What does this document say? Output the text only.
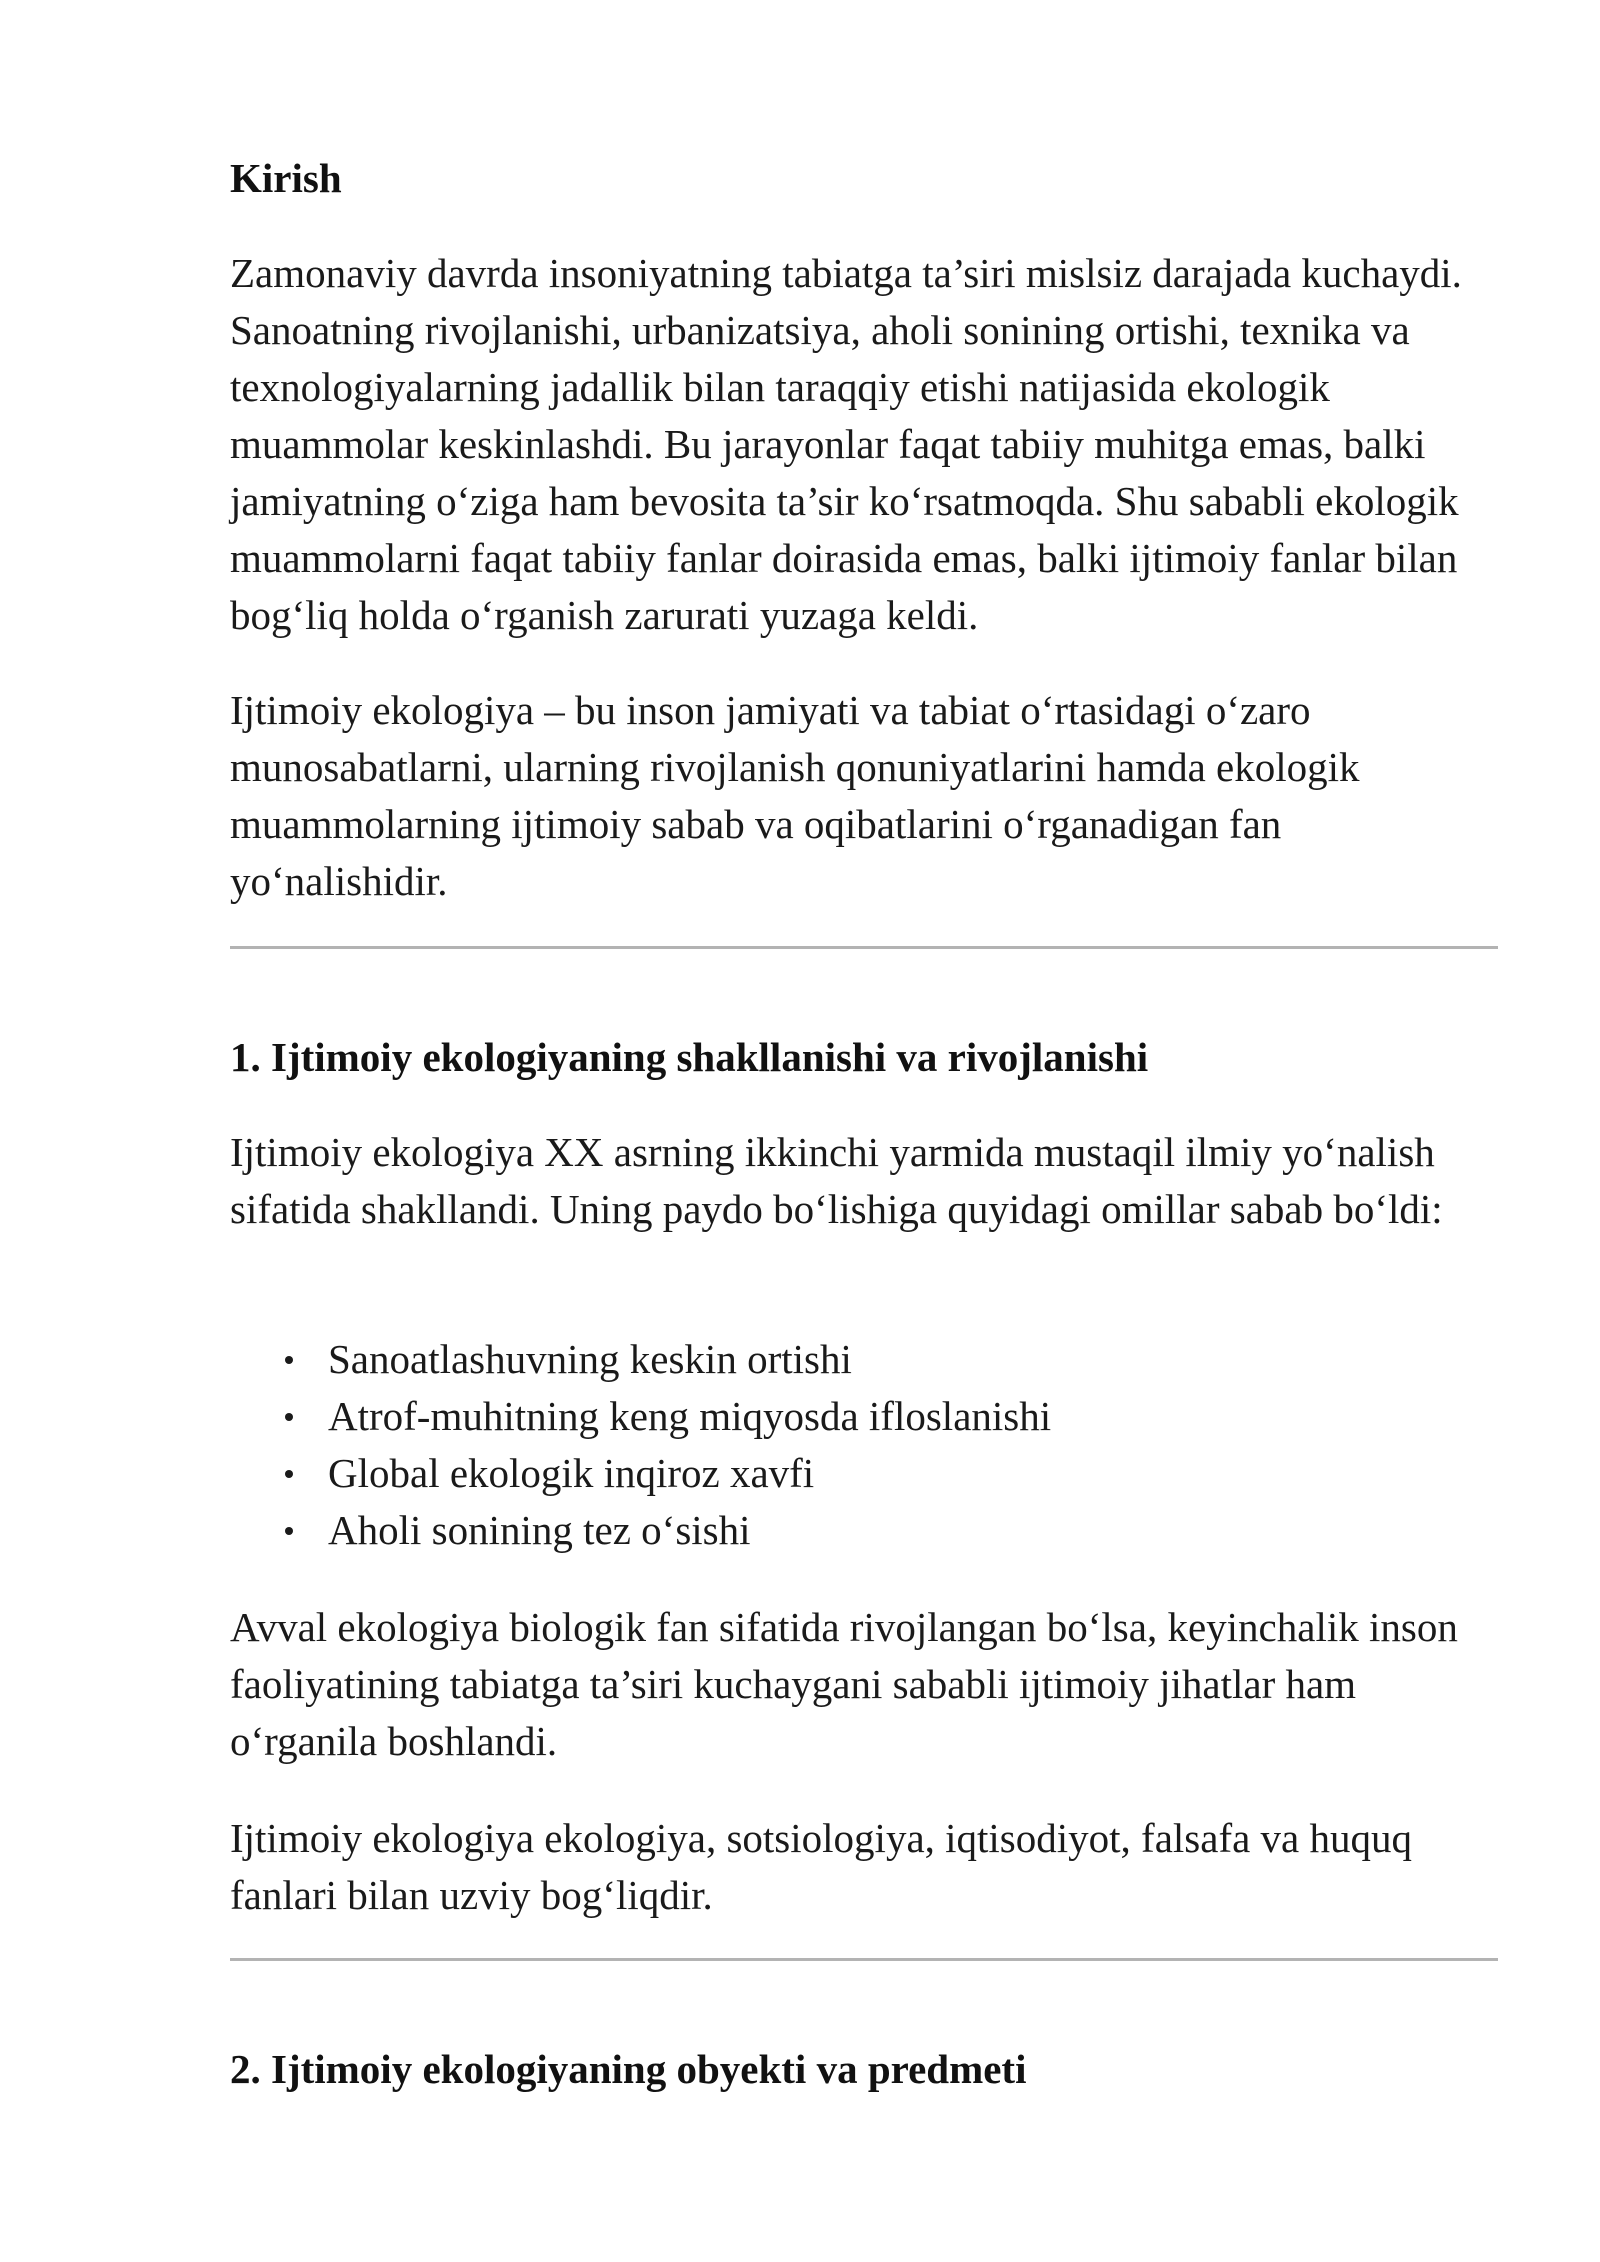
Kirish

Zamonaviy davrda insoniyatning tabiatga ta’siri mislsiz darajada kuchaydi. Sanoatning rivojlanishi, urbanizatsiya, aholi sonining ortishi, texnika va texnologiyalarning jadallik bilan taraqqiy etishi natijasida ekologik muammolar keskinlashdi. Bu jarayonlar faqat tabiiy muhitga emas, balki jamiyatning o‘ziga ham bevosita ta’sir ko‘rsatmoqda. Shu sababli ekologik muammolarni faqat tabiiy fanlar doirasida emas, balki ijtimoiy fanlar bilan bog‘liq holda o‘rganish zarurati yuzaga keldi.

Ijtimoiy ekologiya – bu inson jamiyati va tabiat o‘rtasidagi o‘zaro munosabatlarni, ularning rivojlanish qonuniyatlarini hamda ekologik muammolarning ijtimoiy sabab va oqibatlarini o‘rganadigan fan yo‘nalishidir.

1. Ijtimoiy ekologiyaning shakllanishi va rivojlanishi

Ijtimoiy ekologiya XX asrning ikkinchi yarmida mustaqil ilmiy yo‘nalish sifatida shakllandi. Uning paydo bo‘lishiga quyidagi omillar sabab bo‘ldi:

Sanoatlashuvning keskin ortishi
Atrof-muhitning keng miqyosda ifloslanishi
Global ekologik inqiroz xavfi
Aholi sonining tez o‘sishi

Avval ekologiya biologik fan sifatida rivojlangan bo‘lsa, keyinchalik inson faoliyatining tabiatga ta’siri kuchaygani sababli ijtimoiy jihatlar ham o‘rganila boshlandi.

Ijtimoiy ekologiya ekologiya, sotsiologiya, iqtisodiyot, falsafa va huquq fanlari bilan uzviy bog‘liqdir.

2. Ijtimoiy ekologiyaning obyekti va predmeti
